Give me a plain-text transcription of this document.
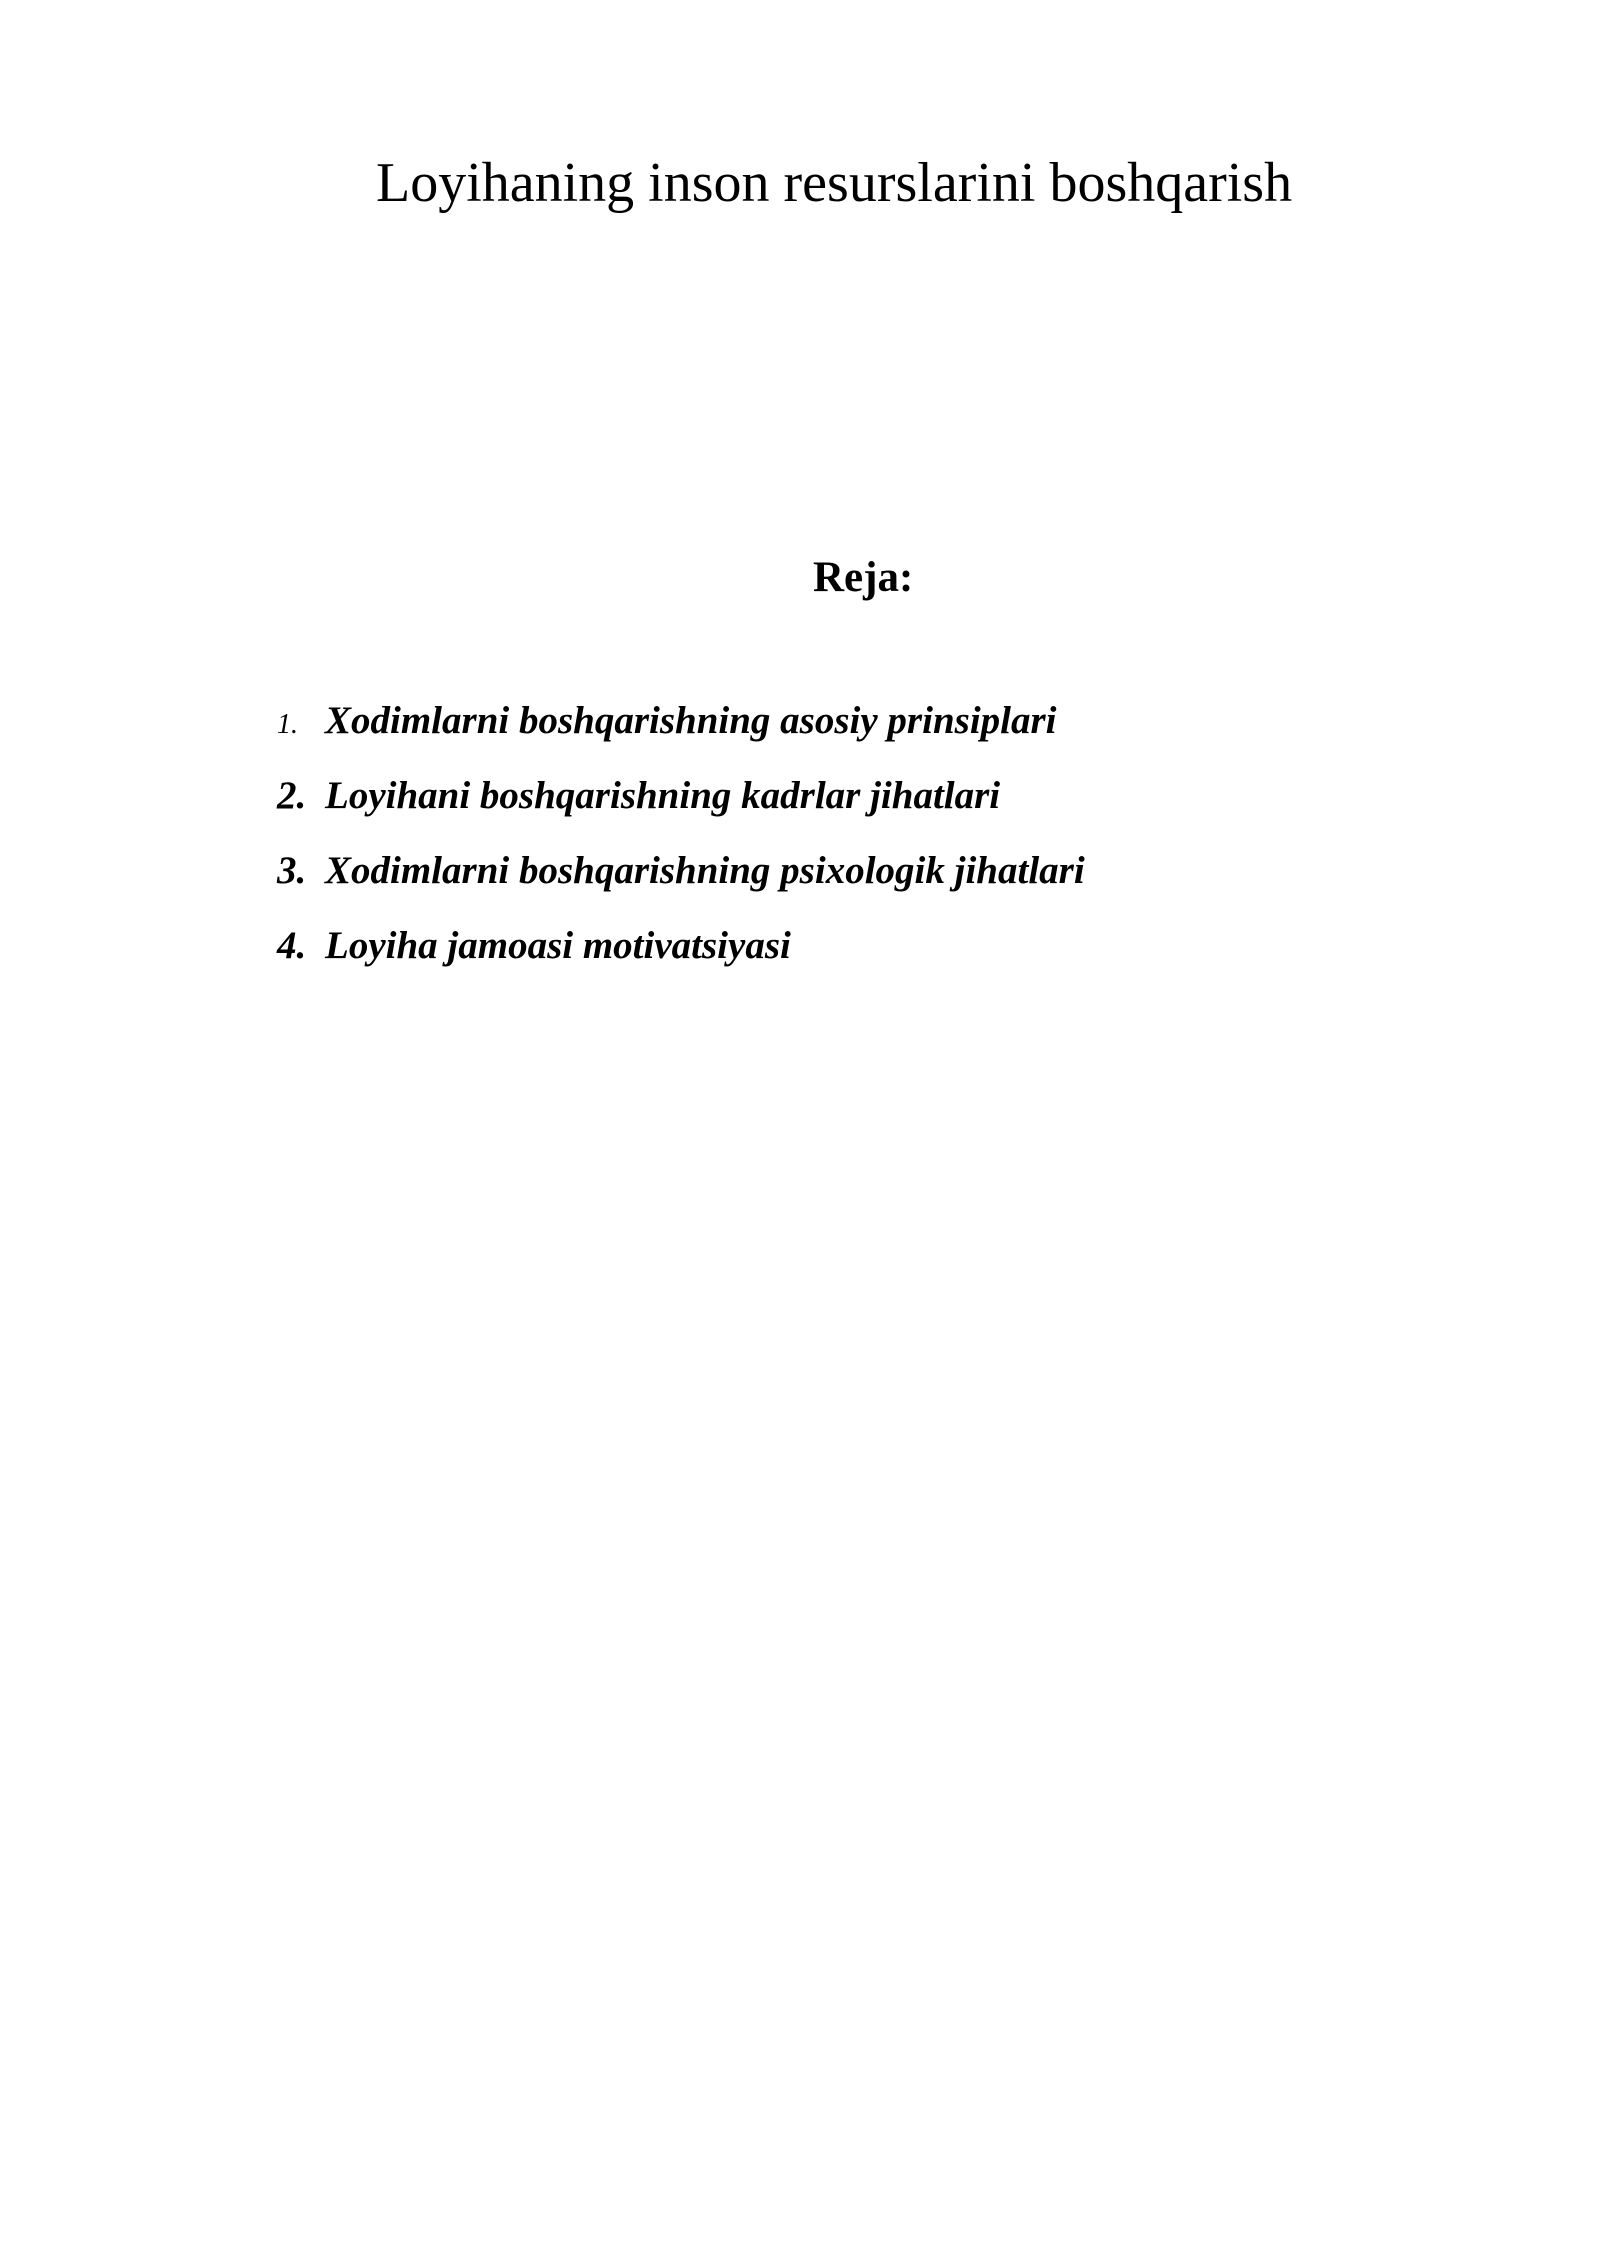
Loyihaning inson resurslarini boshqarish
Reja:
1. Xodimlarni boshqarishning asosiy prinsiplari
2. Loyihani boshqarishning kadrlar jihatlari
3. Xodimlarni boshqarishning psixologik jihatlari
4. Loyiha jamoasi motivatsiyasi
